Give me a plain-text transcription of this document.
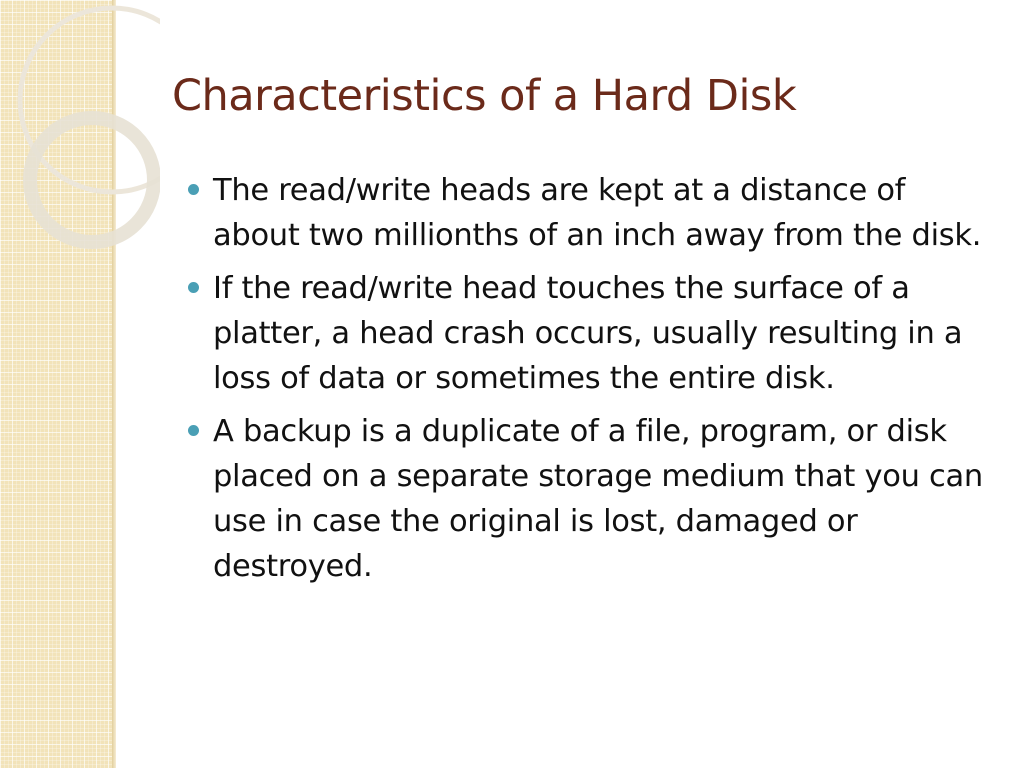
Characteristics of a Hard Disk
The read/write heads are kept at a distance of about two millionths of an inch away from the disk.
If the read/write head touches the surface of a platter, a head crash occurs, usually resulting in a loss of data or sometimes the entire disk.
A backup is a duplicate of a file, program, or disk placed on a separate storage medium that you can use in case the original is lost, damaged or destroyed.
